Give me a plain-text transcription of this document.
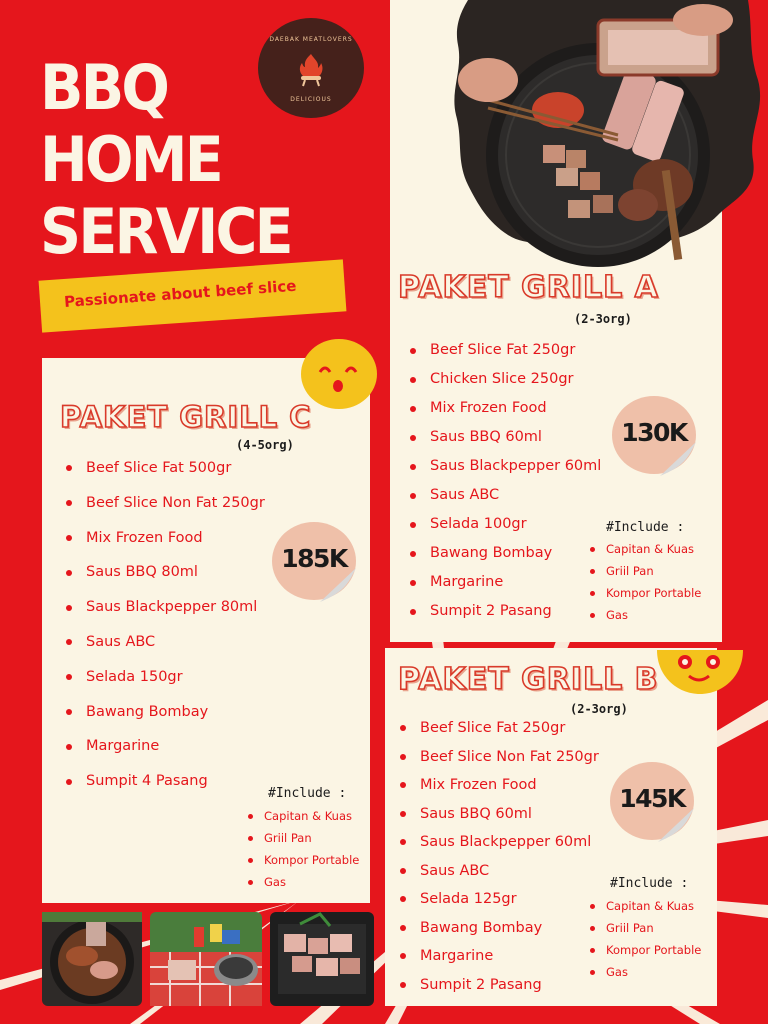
BBQ
HOME
SERVICE
Passionate about beef slice
DAEBAK MEATLOVERS
DELICIOUS
PAKET GRILL A
(2-3org)
Beef Slice Fat 250gr
Chicken Slice 250gr
Mix Frozen Food
Saus BBQ 60ml
Saus Blackpepper 60ml
Saus ABC
Selada 100gr
Bawang Bombay
Margarine
Sumpit 2 Pasang
130K
#Include :
Capitan & Kuas
Griil Pan
Kompor Portable
Gas
PAKET GRILL B
(2-3org)
Beef Slice Fat 250gr
Beef Slice Non Fat 250gr
Mix Frozen Food
Saus BBQ 60ml
Saus Blackpepper 60ml
Saus ABC
Selada 125gr
Bawang Bombay
Margarine
Sumpit 2 Pasang
145K
#Include :
Capitan & Kuas
Griil Pan
Kompor Portable
Gas
PAKET GRILL C
(4-5org)
Beef Slice Fat 500gr
Beef Slice Non Fat 250gr
Mix Frozen Food
Saus BBQ 80ml
Saus Blackpepper 80ml
Saus ABC
Selada 150gr
Bawang Bombay
Margarine
Sumpit 4 Pasang
185K
#Include :
Capitan & Kuas
Griil Pan
Kompor Portable
Gas
